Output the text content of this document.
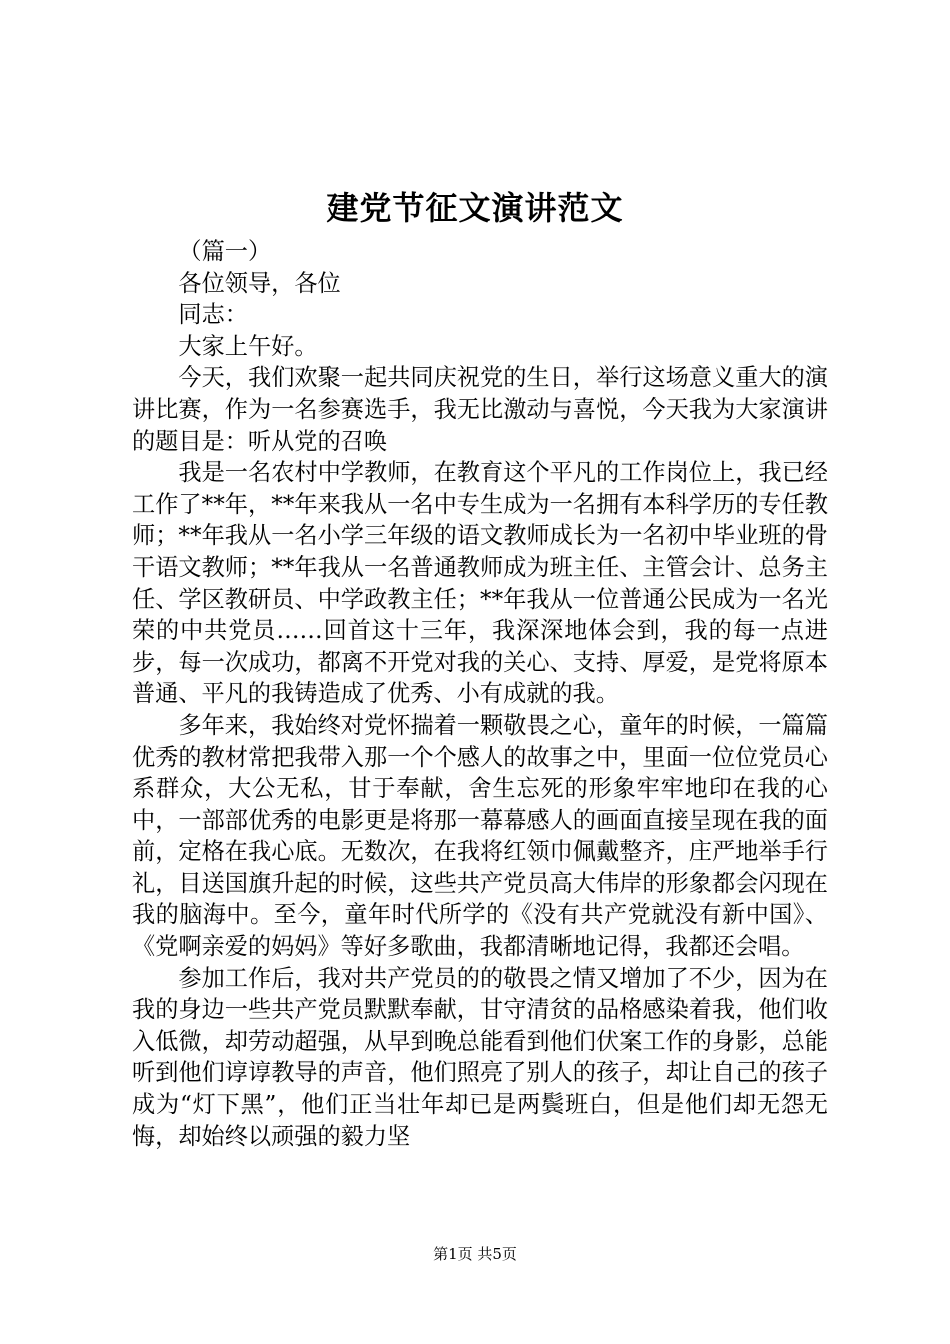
建党节征文演讲范文

（篇一）

各位领导，各位

同志：

大家上午好。

今天，我们欢聚一起共同庆祝党的生日，举行这场意义重大的演讲比赛，作为一名参赛选手，我无比激动与喜悦，今天我为大家演讲的题目是：听从党的召唤

我是一名农村中学教师，在教育这个平凡的工作岗位上，我已经工作了**年，**年来我从一名中专生成为一名拥有本科学历的专任教师；**年我从一名小学三年级的语文教师成长为一名初中毕业班的骨干语文教师；**年我从一名普通教师成为班主任、主管会计、总务主任、学区教研员、中学政教主任；**年我从一位普通公民成为一名光荣的中共党员……回首这十三年，我深深地体会到，我的每一点进步，每一次成功，都离不开党对我的关心、支持、厚爱，是党将原本普通、平凡的我铸造成了优秀、小有成就的我。

多年来，我始终对党怀揣着一颗敬畏之心，童年的时候，一篇篇优秀的教材常把我带入那一个个感人的故事之中，里面一位位党员心系群众，大公无私，甘于奉献，舍生忘死的形象牢牢地印在我的心中，一部部优秀的电影更是将那一幕幕感人的画面直接呈现在我的面前，定格在我心底。无数次，在我将红领巾佩戴整齐，庄严地举手行礼，目送国旗升起的时候，这些共产党员高大伟岸的形象都会闪现在我的脑海中。至今，童年时代所学的《没有共产党就没有新中国》、《党啊亲爱的妈妈》等好多歌曲，我都清晰地记得，我都还会唱。

参加工作后，我对共产党员的的敬畏之情又增加了不少，因为在我的身边一些共产党员默默奉献，甘守清贫的品格感染着我，他们收入低微，却劳动超强，从早到晚总能看到他们伏案工作的身影，总能听到他们谆谆教导的声音，他们照亮了别人的孩子，却让自己的孩子成为“灯下黑”，他们正当壮年却已是两鬓班白，但是他们却无怨无悔，却始终以顽强的毅力坚

第1页 共5页
